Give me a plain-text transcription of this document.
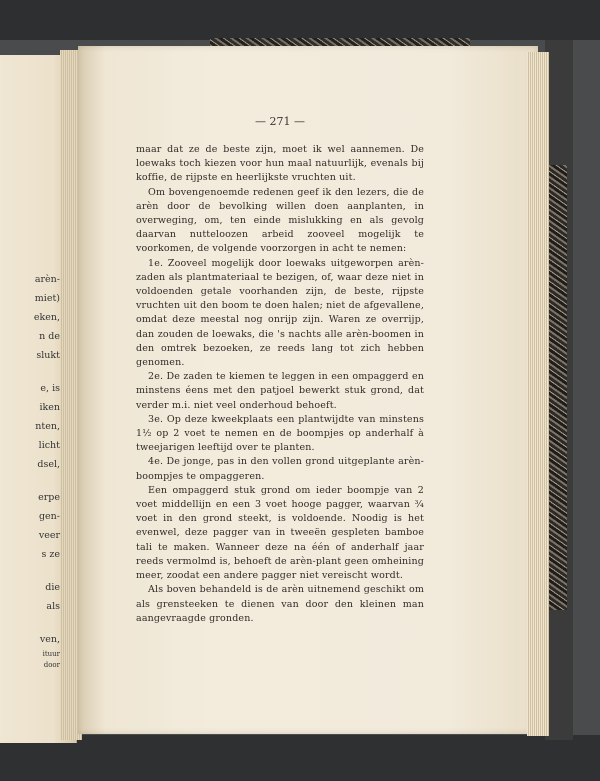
arèn-
miet)
eken,
n de
slukt
e, is
iken
nten,
licht
dsel,
erpe
gen-
veer
s ze
die
als
ven,
ituur
door
— 271 —

maar dat ze de beste zijn, moet ik wel aannemen. De loewaks toch kiezen voor hun maal natuurlijk, evenals bij koffie, de rijpste en heerlijkste vruchten uit.

Om bovengenoemde redenen geef ik den lezers, die de arèn door de bevolking willen doen aanplanten, in overweging, om, ten einde mislukking en als gevolg daarvan nutteloozen arbeid zooveel mogelijk te voorkomen, de volgende voorzorgen in acht te nemen:

1e. Zooveel mogelijk door loewaks uitgeworpen arèn-zaden als plantmateriaal te bezigen, of, waar deze niet in voldoenden getale voorhanden zijn, de beste, rijpste vruchten uit den boom te doen halen; niet de afgevallene, omdat deze meestal nog onrijp zijn. Waren ze overrijp, dan zouden de loewaks, die 's nachts alle arèn-boomen in den omtrek bezoeken, ze reeds lang tot zich hebben genomen.

2e. De zaden te kiemen te leggen in een ompaggerd en minstens éens met den patjoel bewerkt stuk grond, dat verder m.i. niet veel onderhoud behoeft.

3e. Op deze kweekplaats een plantwijdte van minstens 1½ op 2 voet te nemen en de boompjes op anderhalf à tweejarigen leeftijd over te planten.

4e. De jonge, pas in den vollen grond uitgeplante arèn-boompjes te ompaggeren.

Een ompaggerd stuk grond om ieder boompje van 2 voet middellijn en een 3 voet hooge pagger, waarvan ¾ voet in den grond steekt, is voldoende. Noodig is het evenwel, deze pagger van in tweeën gespleten bamboe tali te maken. Wanneer deze na één of anderhalf jaar reeds vermolmd is, behoeft de arèn-plant geen omheining meer, zoodat een andere pagger niet vereischt wordt.

Als boven behandeld is de arèn uitnemend geschikt om als grensteeken te dienen van door den kleinen man aangevraagde gronden.
